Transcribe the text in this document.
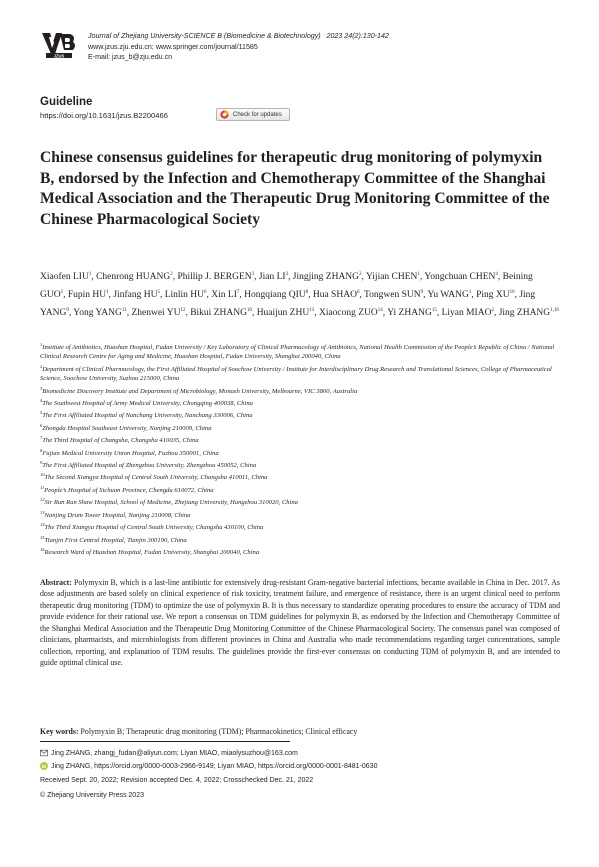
JZUS
Journal of Zhejiang University-SCIENCE B (Biomedicine & Biotechnology) 2023 24(2):130-142
www.jzus.zju.edu.cn; www.springer.com/journal/11585
E-mail: jzus_b@zju.edu.cn
Guideline
https://doi.org/10.1631/jzus.B2200466	Check for updates
Chinese consensus guidelines for therapeutic drug monitoring of polymyxin B, endorsed by the Infection and Chemotherapy Committee of the Shanghai Medical Association and the Therapeutic Drug Monitoring Committee of the Chinese Pharmacological Society
Xiaofen LIU$^1$, Chenrong HUANG$^2$, Phillip J. BERGEN$^3$, Jian $LI^3$, Jingjing ZHANG$^2$, Yijian CHEN$^1$, Yongchuan CHEN$^4$, Beining GUO$^1$, Fupin $HU^1$, Jinfang $HU^5$, Linlin $HU^6$, Xin $LI^7$, Hongqiang QIU$^8$, Hua SHAO$^6$, Tongwen SUN$^9$, Yu WANG$^1$, Ping XU$^{10}$, Jing YANG$^9$, Yong YANG$^{11}$, Zhenwei YU$^{12}$, Bikui ZHANG$^{10}$, Huaijun ZHU$^{13}$, Xiaocong ZUO$^{14}$, Yi ZHANG$^{15}$, Liyan MIAO$^2$, Jing ZHANG$^{1,16}$
$^1$Institute of Antibiotics, Huashan Hospital, Fudan University / Key Laboratory of Clinical Pharmacology of Antibiotics, National Health Commission of the People’s Republic of China / National Clinical Research Centre for Aging and Medicine, Huashan Hospital, Fudan University, Shanghai 200040, China
$^2$Department of Clinical Pharmacology, the First Affiliated Hospital of Soochow University / Institute for Interdisciplinary Drug Research and Translational Sciences, College of Pharmaceutical Science, Soochow University, Suzhou 215000, China
$^3$Biomedicine Discovery Institute and Department of Microbiology, Monash University, Melbourne, VIC 3800, Australia
$^4$The Southwest Hospital of Army Medical University, Chongqing 400038, China
$^5$The First Affiliated Hospital of Nanchang University, Nanchang 330006, China
$^6$Zhongda Hospital Southeast University, Nanjing 210009, China
$^7$The Third Hospital of Changsha, Changsha 410035, China
$^8$Fujian Medical University Union Hospital, Fuzhou 350001, China
$^9$The First Affiliated Hospital of Zhengzhou University, Zhengzhou 450052, China
$^{10}$The Second Xiangya Hospital of Central South University, Changsha 410011, China
$^{11}$People’s Hospital of Sichuan Province, Chengdu 610072, China
$^{12}$Sir Run Run Shaw Hospital, School of Medicine, Zhejiang University, Hangzhou 310020, China
$^{13}$Nanjing Drum Tower Hospital, Nanjing 210008, China
$^{14}$The Third Xiangya Hospital of Central South University, Changsha 430100, China
$^{15}$Tianjin First Central Hospital, Tianjin 300190, China
$^{16}$Research Ward of Huashan Hospital, Fudan University, Shanghai 200040, China
Abstract: Polymyxin B, which is a last-line antibiotic for extensively drug-resistant Gram-negative bacterial infections, became available in China in Dec. 2017. As dose adjustments are based solely on clinical experience of risk toxicity, treatment failure, and emergence of resistance, there is an urgent clinical need to perform therapeutic drug monitoring (TDM) to optimize the use of polymyxin B. It is thus necessary to standardize operating procedures to ensure the accuracy of TDM and provide evidence for their rational use. We report a consensus on TDM guidelines for polymyxin B, as endorsed by the Infection and Chemotherapy Committee of the Shanghai Medical Association and the Therapeutic Drug Monitoring Committee of the Chinese Pharmacological Society. The consensus panel was composed of clinicians, pharmacists, and microbiologists from different provinces in China and Australia who made recommendations regarding target concentrations, sample collection, reporting, and explanation of TDM results. The guidelines provide the first-ever consensus on conducting TDM of polymyxin B, and are intended to guide optimal clinical use.
Key words: Polymyxin B; Therapeutic drug monitoring (TDM); Pharmacokinetics; Clinical efficacy
Jing ZHANG, zhangj_fudan@aliyun.com; Liyan MIAO, miaolysuzhou@163.com
iD Jing ZHANG, https://orcid.org/0000-0003-2966-9149; Liyan MIAO, https://orcid.org/0000-0001-8481-0630
Received Sept. 20, 2022; Revision accepted Dec. 4, 2022; Crosschecked Dec. 21, 2022
© Zhejiang University Press 2023
